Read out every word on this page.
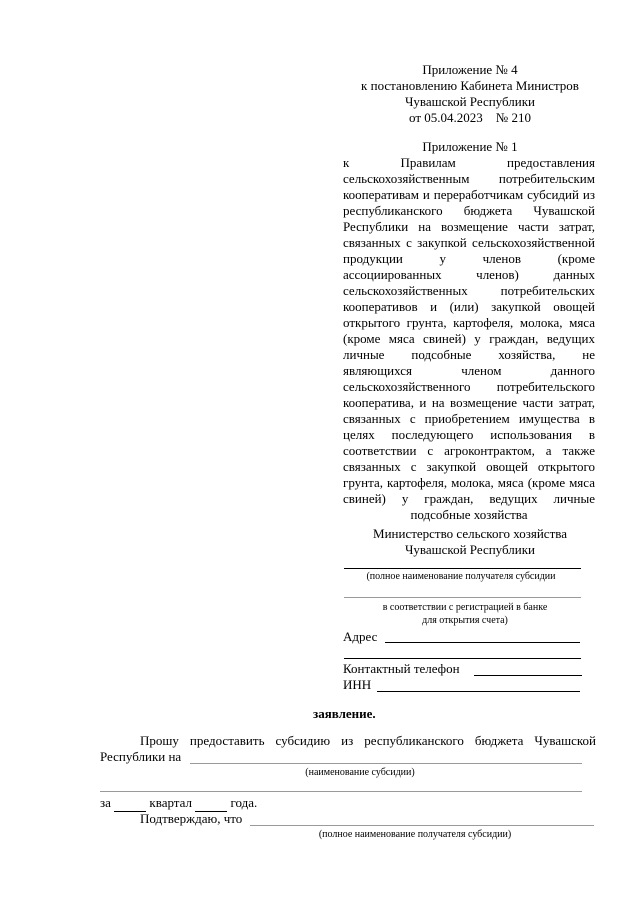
Приложение № 4
к постановлению Кабинета Министров
Чувашской Республики
от 05.04.2023    № 210
Приложение № 1
к Правилам предоставления сельскохозяйственным потребительским кооперативам и переработчикам субсидий из республиканского бюджета Чувашской Республики на возмещение части затрат, связанных с закупкой сельскохозяйственной продукции у членов (кроме ассоциированных членов) данных сельскохозяйственных потребительских кооперативов и (или) закупкой овощей открытого грунта, картофеля, молока, мяса (кроме мяса свиней) у граждан, ведущих личные подсобные хозяйства, не являющихся членом данного сельскохозяйственного потребительского кооператива, и на возмещение части затрат, связанных с приобретением имущества в целях последующего использования в соответствии с агроконтрактом, а также связанных с закупкой овощей открытого грунта, картофеля, молока, мяса (кроме мяса свиней) у граждан, ведущих личные подсобные хозяйства
Министерство сельского хозяйства
Чувашской Республики
(полное наименование получателя субсидии
в соответствии с регистрацией в банке
для открытия счета)
Адрес
Контактный телефон
ИНН
заявление.
Прошу предоставить субсидию из республиканского бюджета Чувашской
Республики на
(наименование субсидии)
за	квартал	года.
Подтверждаю, что
(полное наименование получателя субсидии)
